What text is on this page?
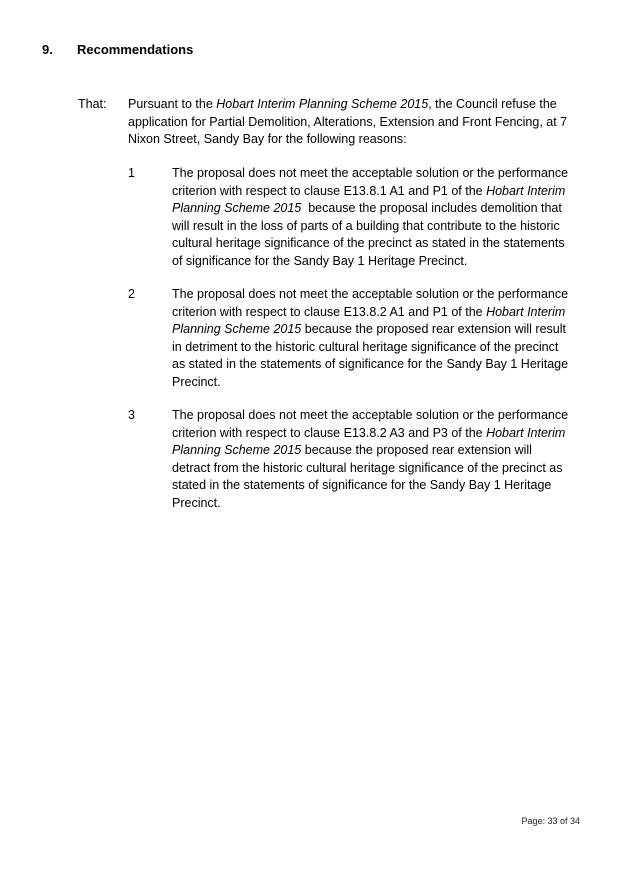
9. Recommendations
That: Pursuant to the Hobart Interim Planning Scheme 2015, the Council refuse the application for Partial Demolition, Alterations, Extension and Front Fencing, at 7 Nixon Street, Sandy Bay for the following reasons:
1	The proposal does not meet the acceptable solution or the performance criterion with respect to clause E13.8.1 A1 and P1 of the Hobart Interim Planning Scheme 2015  because the proposal includes demolition that will result in the loss of parts of a building that contribute to the historic cultural heritage significance of the precinct as stated in the statements of significance for the Sandy Bay 1 Heritage Precinct.
2	The proposal does not meet the acceptable solution or the performance criterion with respect to clause E13.8.2 A1 and P1 of the Hobart Interim Planning Scheme 2015 because the proposed rear extension will result in detriment to the historic cultural heritage significance of the precinct as stated in the statements of significance for the Sandy Bay 1 Heritage Precinct.
3	The proposal does not meet the acceptable solution or the performance criterion with respect to clause E13.8.2 A3 and P3 of the Hobart Interim Planning Scheme 2015 because the proposed rear extension will detract from the historic cultural heritage significance of the precinct as stated in the statements of significance for the Sandy Bay 1 Heritage Precinct.
Page: 33 of 34
